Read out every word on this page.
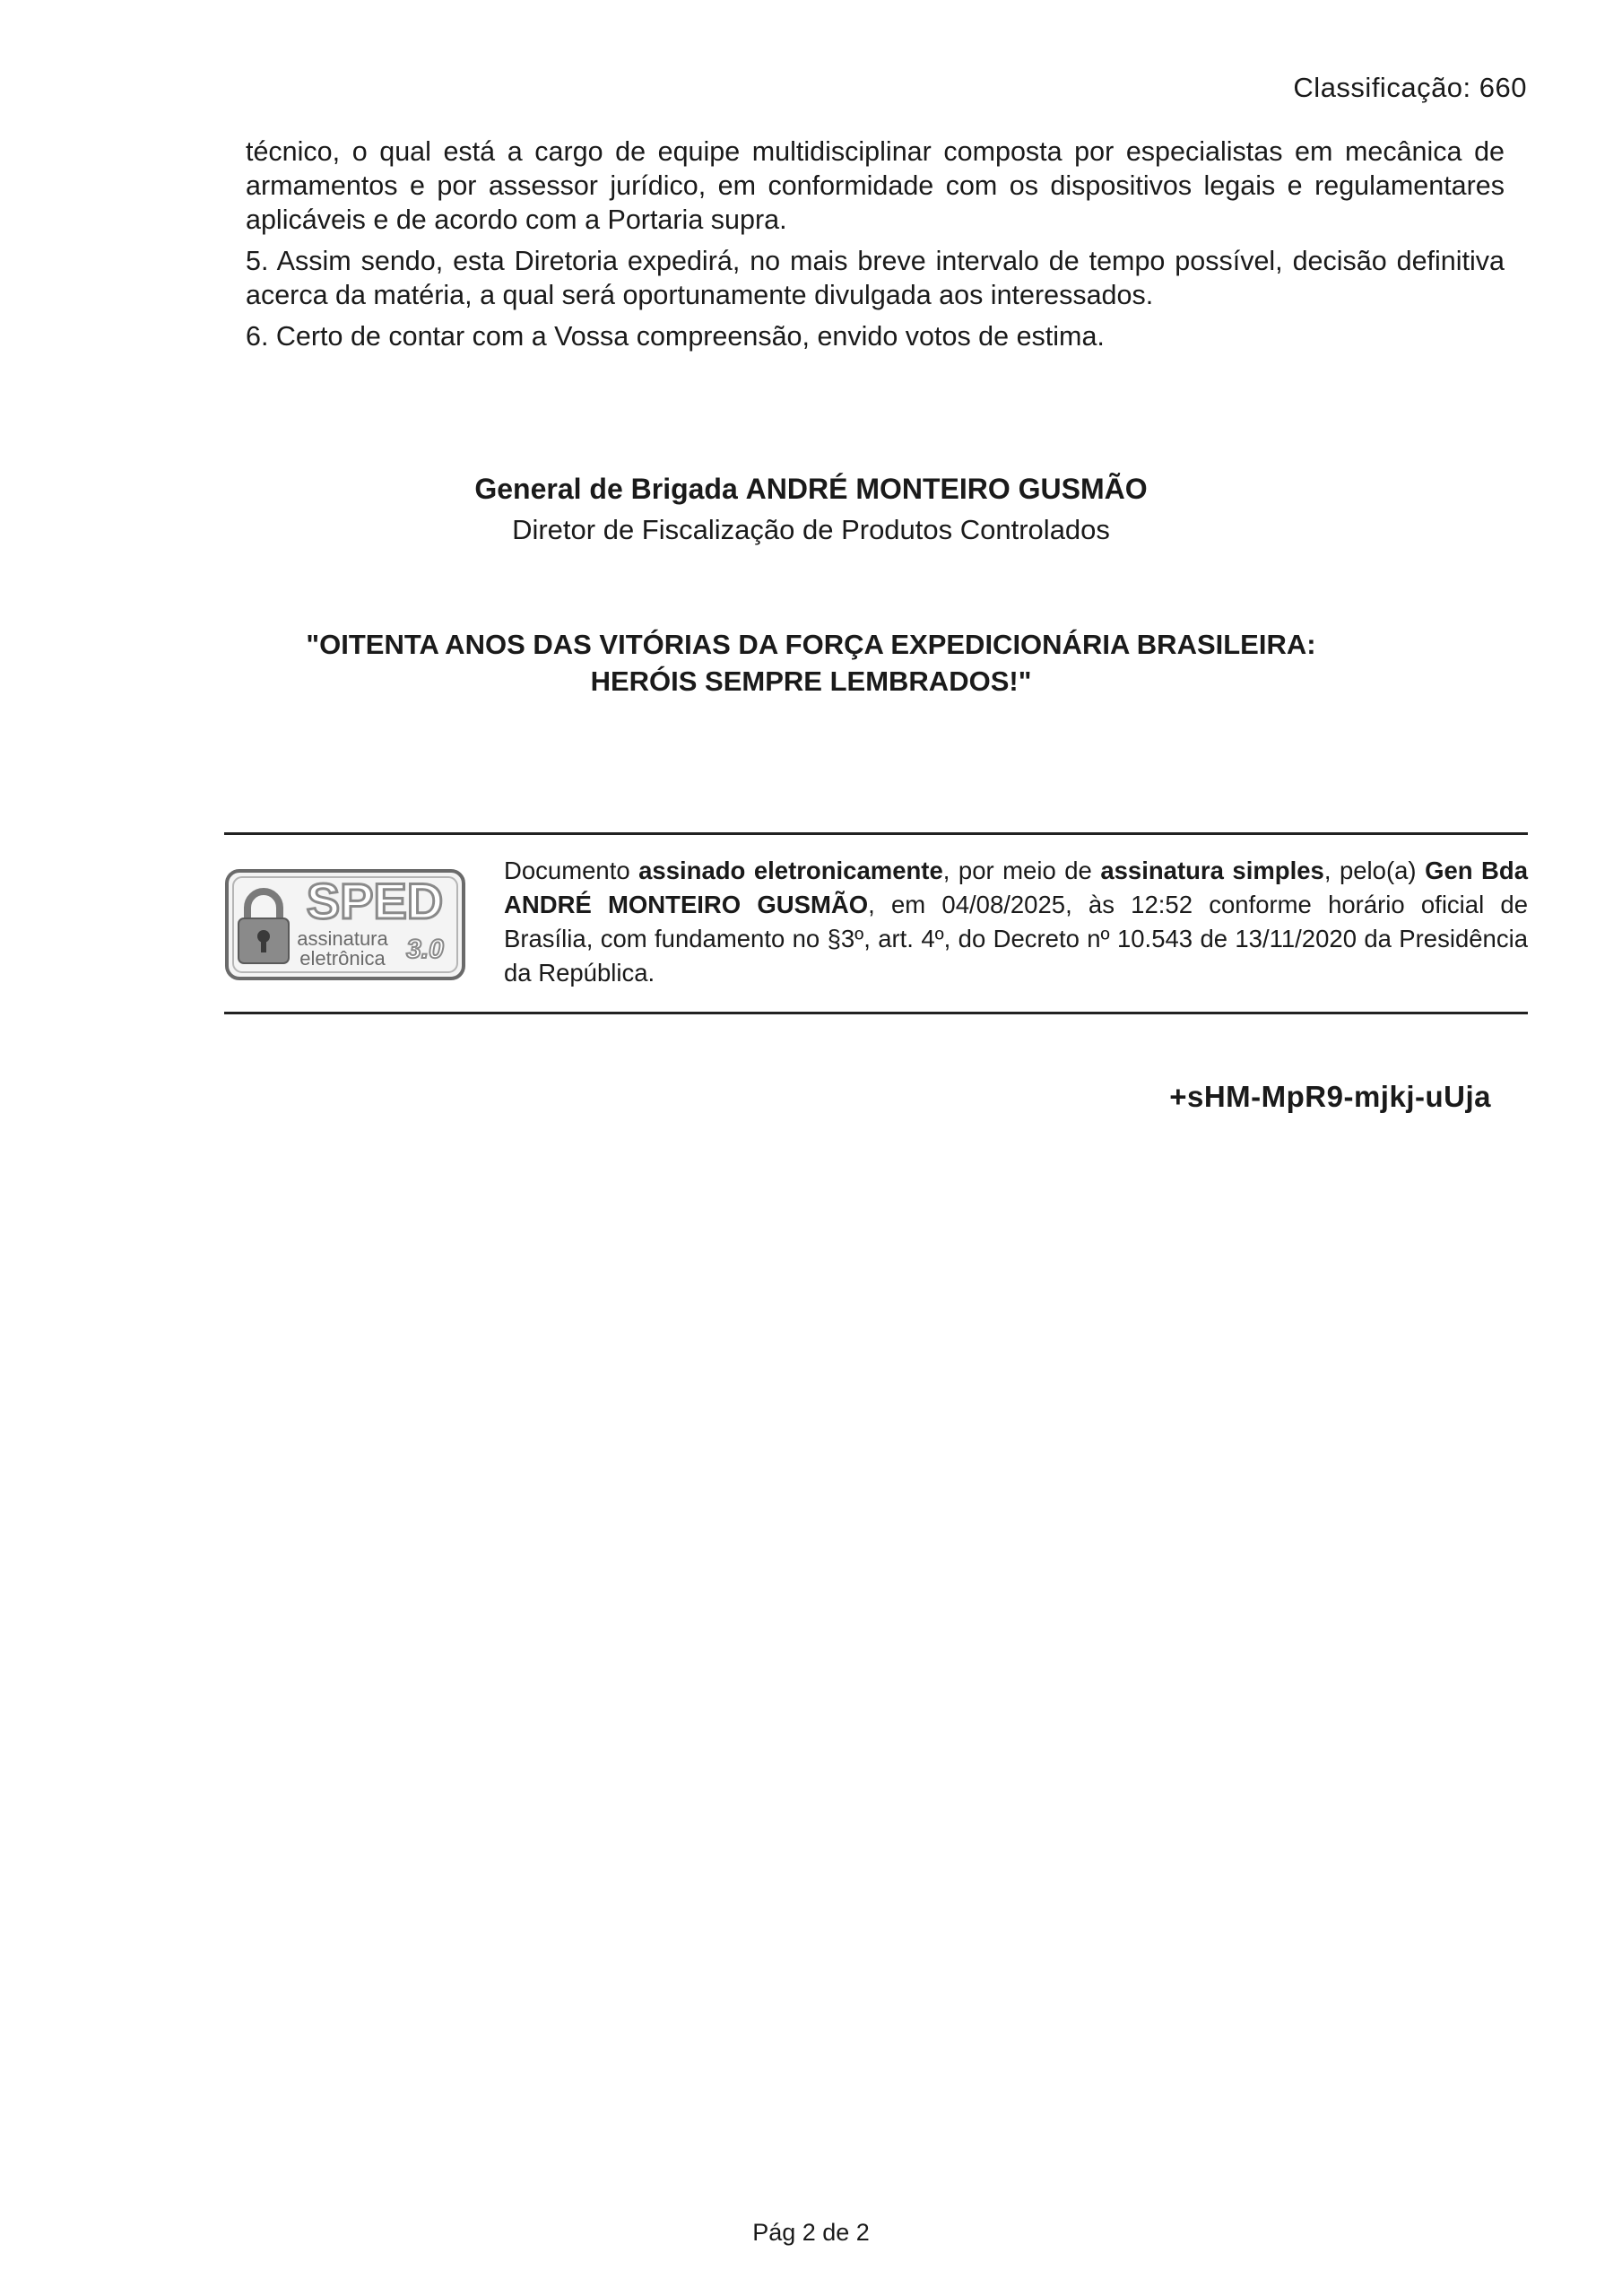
Classificação: 660

técnico, o qual está a cargo de equipe multidisciplinar composta por especialistas em mecânica de armamentos e por assessor jurídico, em conformidade com os dispositivos legais e regulamentares aplicáveis e de acordo com a Portaria supra.

5. Assim sendo, esta Diretoria expedirá, no mais breve intervalo de tempo possível, decisão definitiva acerca da matéria, a qual será oportunamente divulgada aos interessados.

6. Certo de contar com a Vossa compreensão, envido votos de estima.

General de Brigada ANDRÉ MONTEIRO GUSMÃO
Diretor de Fiscalização de Produtos Controlados
"OITENTA ANOS DAS VITÓRIAS DA FORÇA EXPEDICIONÁRIA BRASILEIRA:
HERÓIS SEMPRE LEMBRADOS!"
SPED
assinatura
eletrônica 3.0
Documento assinado eletronicamente, por meio de assinatura simples, pelo(a) Gen Bda ANDRÉ MONTEIRO GUSMÃO, em 04/08/2025, às 12:52 conforme horário oficial de Brasília, com fundamento no §3º, art. 4º, do Decreto nº 10.543 de 13/11/2020 da Presidência da República.
+sHM-MpR9-mjkj-uUja
Pág 2 de 2
